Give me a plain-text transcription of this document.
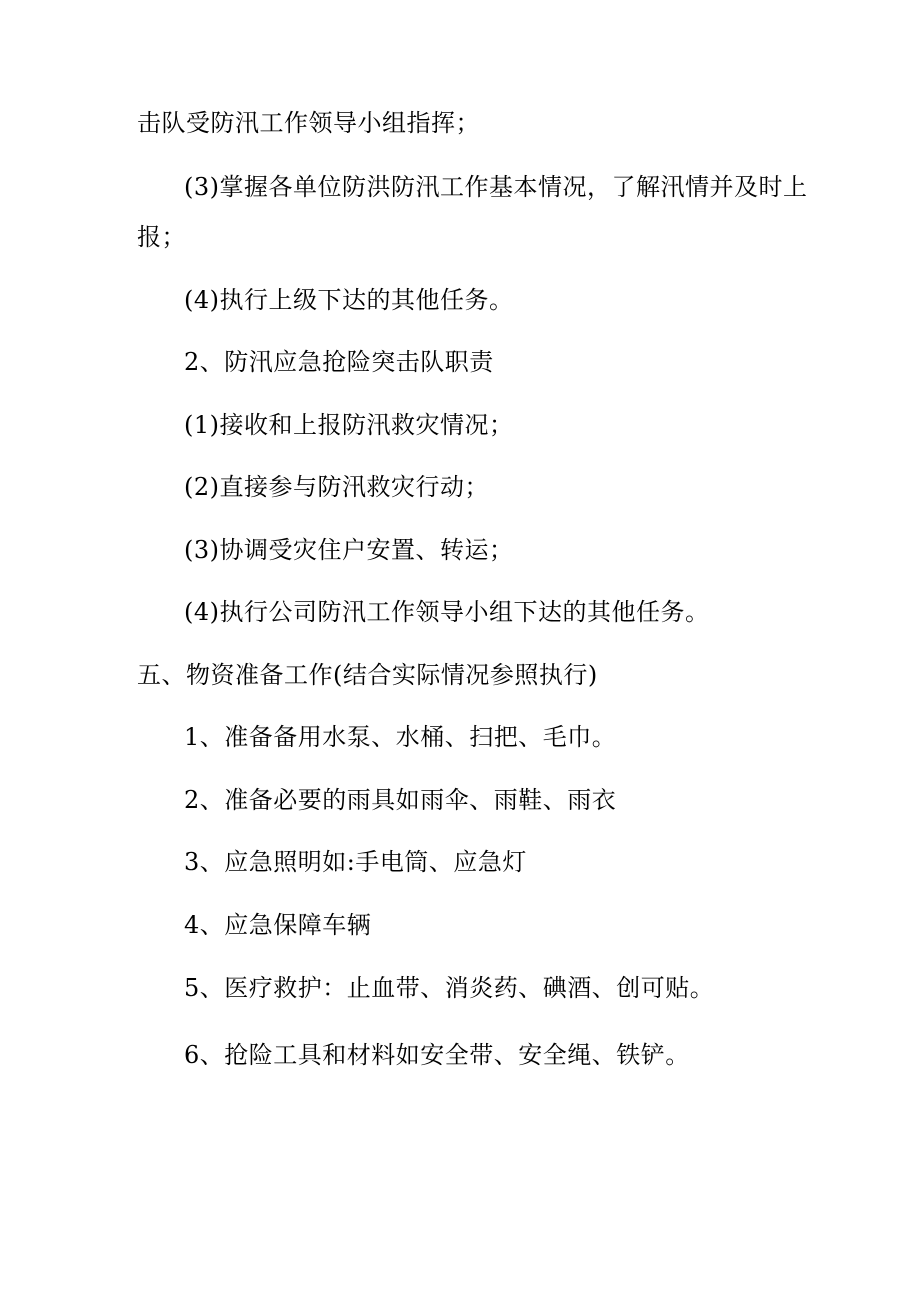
击队受防汛工作领导小组指挥；

(3)掌握各单位防洪防汛工作基本情况，了解汛情并及时上

报；

(4)执行上级下达的其他任务。

2、防汛应急抢险突击队职责

(1)接收和上报防汛救灾情况；

(2)直接参与防汛救灾行动；

(3)协调受灾住户安置、转运；

(4)执行公司防汛工作领导小组下达的其他任务。

五、物资准备工作(结合实际情况参照执行)

1、准备备用水泵、水桶、扫把、毛巾。

2、准备必要的雨具如雨伞、雨鞋、雨衣

3、应急照明如:手电筒、应急灯

4、应急保障车辆

5、医疗救护：止血带、消炎药、碘酒、创可贴。

6、抢险工具和材料如安全带、安全绳、铁铲。
